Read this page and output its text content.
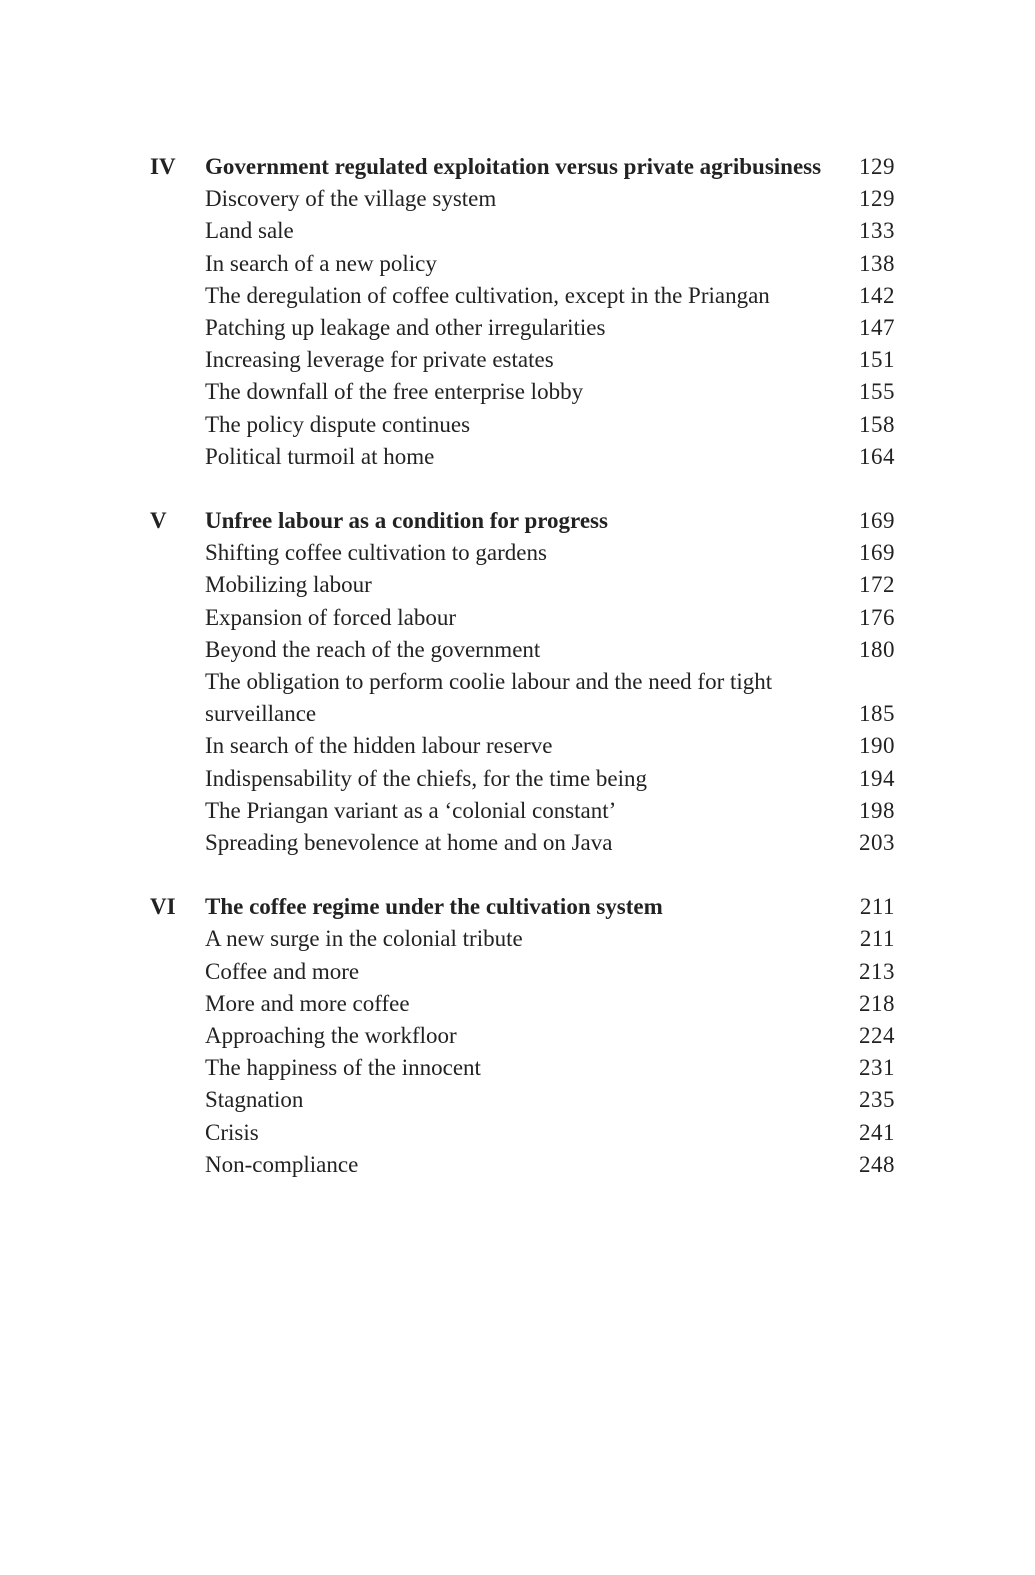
IV	Government regulated exploitation versus private agribusiness	129
Discovery of the village system	129
Land sale	133
In search of a new policy	138
The deregulation of coffee cultivation, except in the Priangan	142
Patching up leakage and other irregularities	147
Increasing leverage for private estates	151
The downfall of the free enterprise lobby	155
The policy dispute continues	158
Political turmoil at home	164
V	Unfree labour as a condition for progress	169
Shifting coffee cultivation to gardens	169
Mobilizing labour	172
Expansion of forced labour	176
Beyond the reach of the government	180
The obligation to perform coolie labour and the need for tight surveillance	185
In search of the hidden labour reserve	190
Indispensability of the chiefs, for the time being	194
The Priangan variant as a ‘colonial constant’	198
Spreading benevolence at home and on Java	203
VI	The coffee regime under the cultivation system	211
A new surge in the colonial tribute	211
Coffee and more	213
More and more coffee	218
Approaching the workfloor	224
The happiness of the innocent	231
Stagnation	235
Crisis	241
Non-compliance	248
